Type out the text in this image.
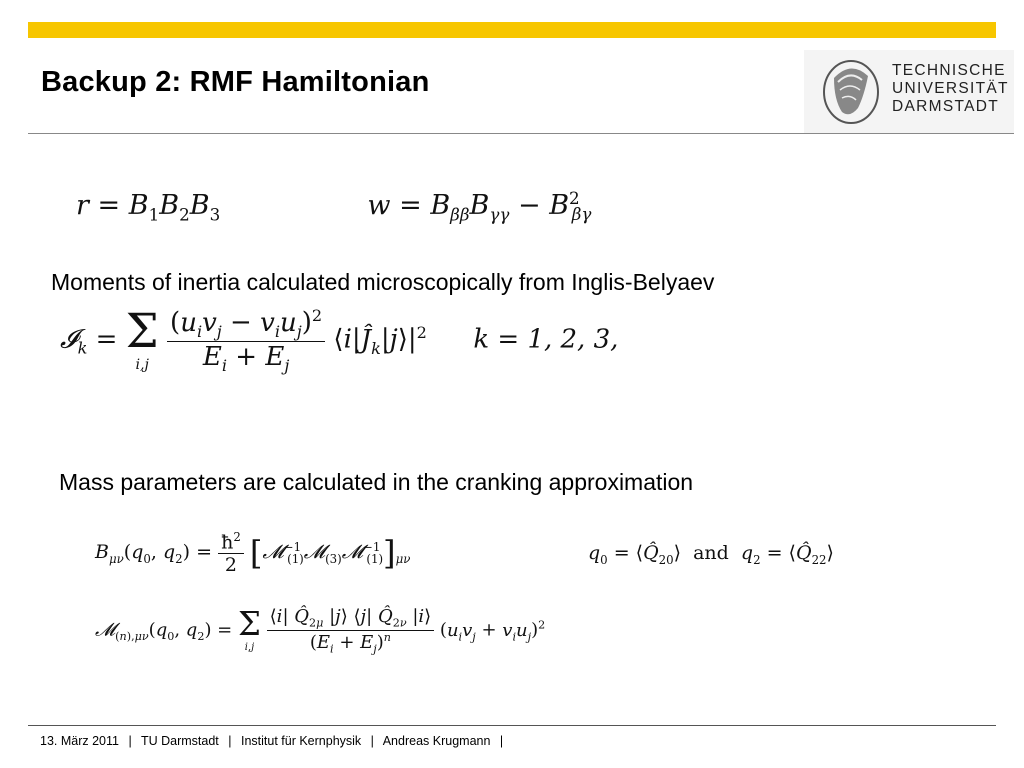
Backup 2: RMF Hamiltonian	TECHNISCHE
UNIVERSITÄT
DARMSTADT
$r = B_1B_2B_3$	$w = B_{\beta\beta}B_{\gamma\gamma} - B^2_{\beta\gamma}$
Moments of inertia calculated microscopically from Inglis-Belyaev
𝓘$_k$ = Σ
i,j
$\frac{(u_iv_j - v_iu_j)^2}{E_i + E_j}$ $⟨i|Ĵ_k|j⟩|^2$ k = 1, 2, 3,
Mass parameters are calculated in the cranking approximation
$B_{\mu\nu}(q_0$, $q_2) = \frac{ħ^2}{2}$ $[𝓜^{-1}_{(1)}𝓜_{(3)}𝓜^{-1}_{(1)}]_{\mu\nu}$	$q_0$ = $⟨Q̂_{20}⟩$ and $q_2$ = $⟨Q̂_{22}⟩$
$𝓜_{(n),\mu\nu}(q_0$, $q_2) = \Sigma$
i,j
$\frac{⟨i| Q̂_{2\mu} |j⟩ ⟨j| Q̂_{2\nu} |i⟩}{(E_i + E_j)^n} (u_iv_j + v_iu_j)^2$
13. März 2011 | TU Darmstadt | Institut für Kernphysik | Andreas Krugmann |
